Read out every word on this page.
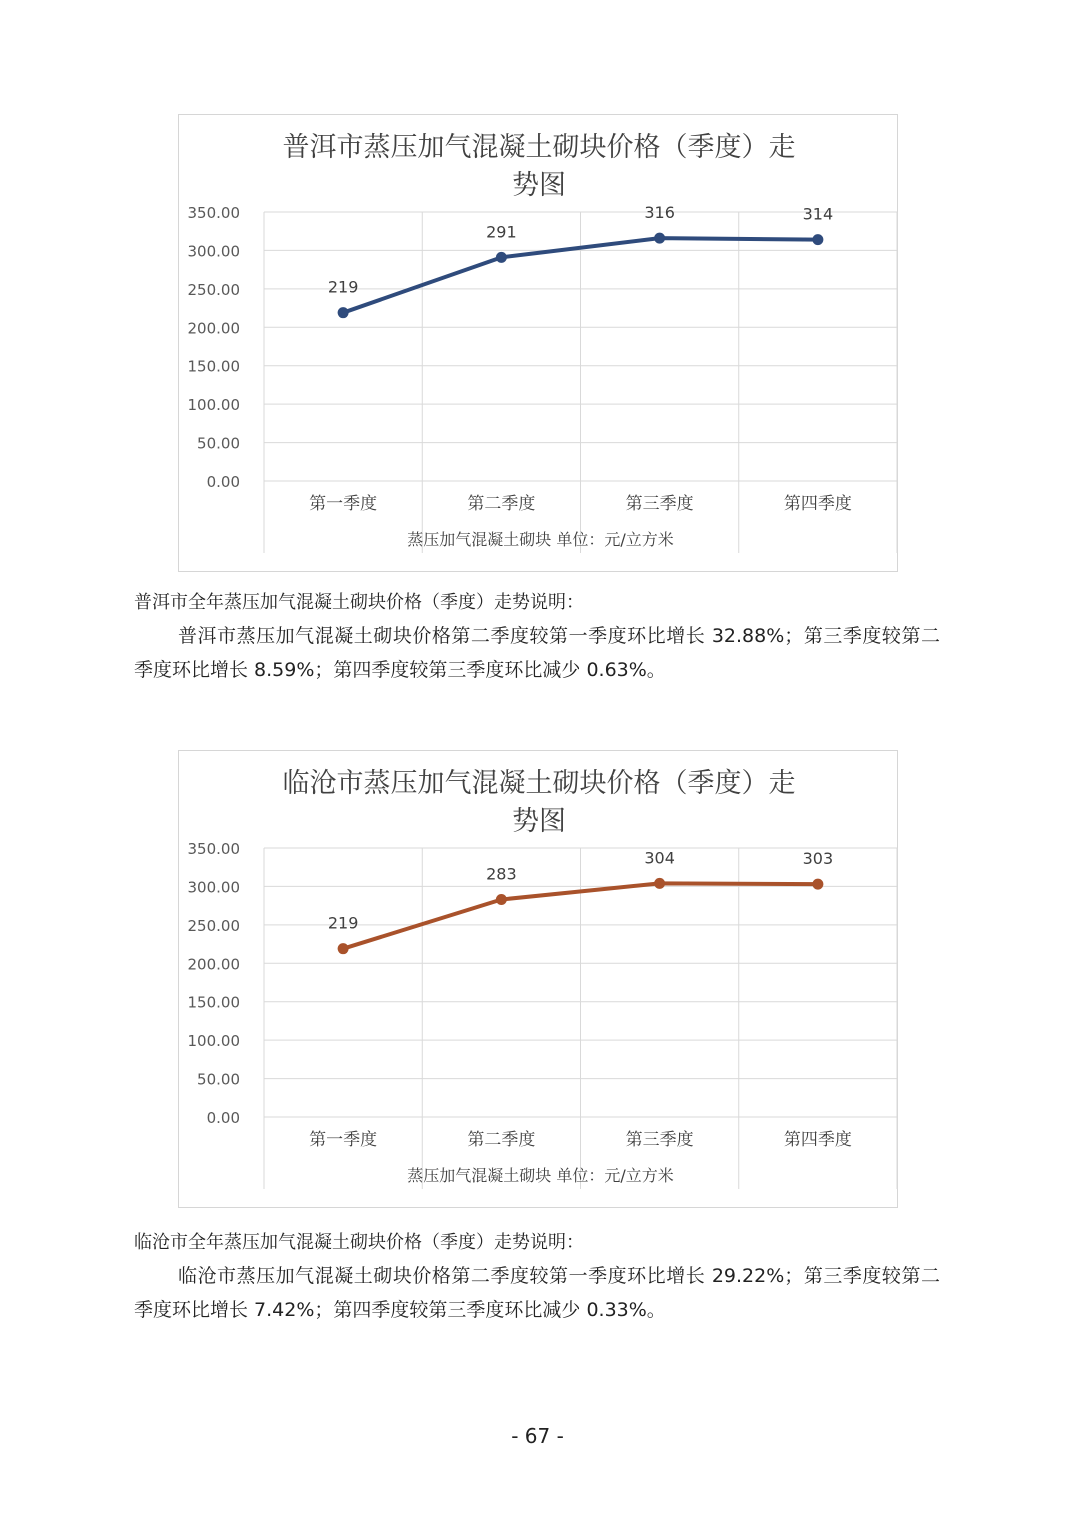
普洱市蒸压加气混凝土砌块价格（季度）走
势图
0.00
50.00
100.00
150.00
200.00
250.00
300.00
350.00
第一季度	第二季度	第三季度	第四季度
蒸压加气混凝土砌块 单位：元/立方米
219
291
316	314

普洱市全年蒸压加气混凝土砌块价格（季度）走势说明：

普洱市蒸压加气混凝土砌块价格第二季度较第一季度环比增长 32.88%；第三季度较第二季度环比增长 8.59%；第四季度较第三季度环比减少 0.63%。

临沧市蒸压加气混凝土砌块价格（季度）走
势图
0.00
50.00
100.00
150.00
200.00
250.00
300.00
350.00
第一季度	第二季度	第三季度	第四季度
蒸压加气混凝土砌块 单位：元/立方米
219
283
304	303

临沧市全年蒸压加气混凝土砌块价格（季度）走势说明：

临沧市蒸压加气混凝土砌块价格第二季度较第一季度环比增长 29.22%；第三季度较第二季度环比增长 7.42%；第四季度较第三季度环比减少 0.33%。

- 67 -
